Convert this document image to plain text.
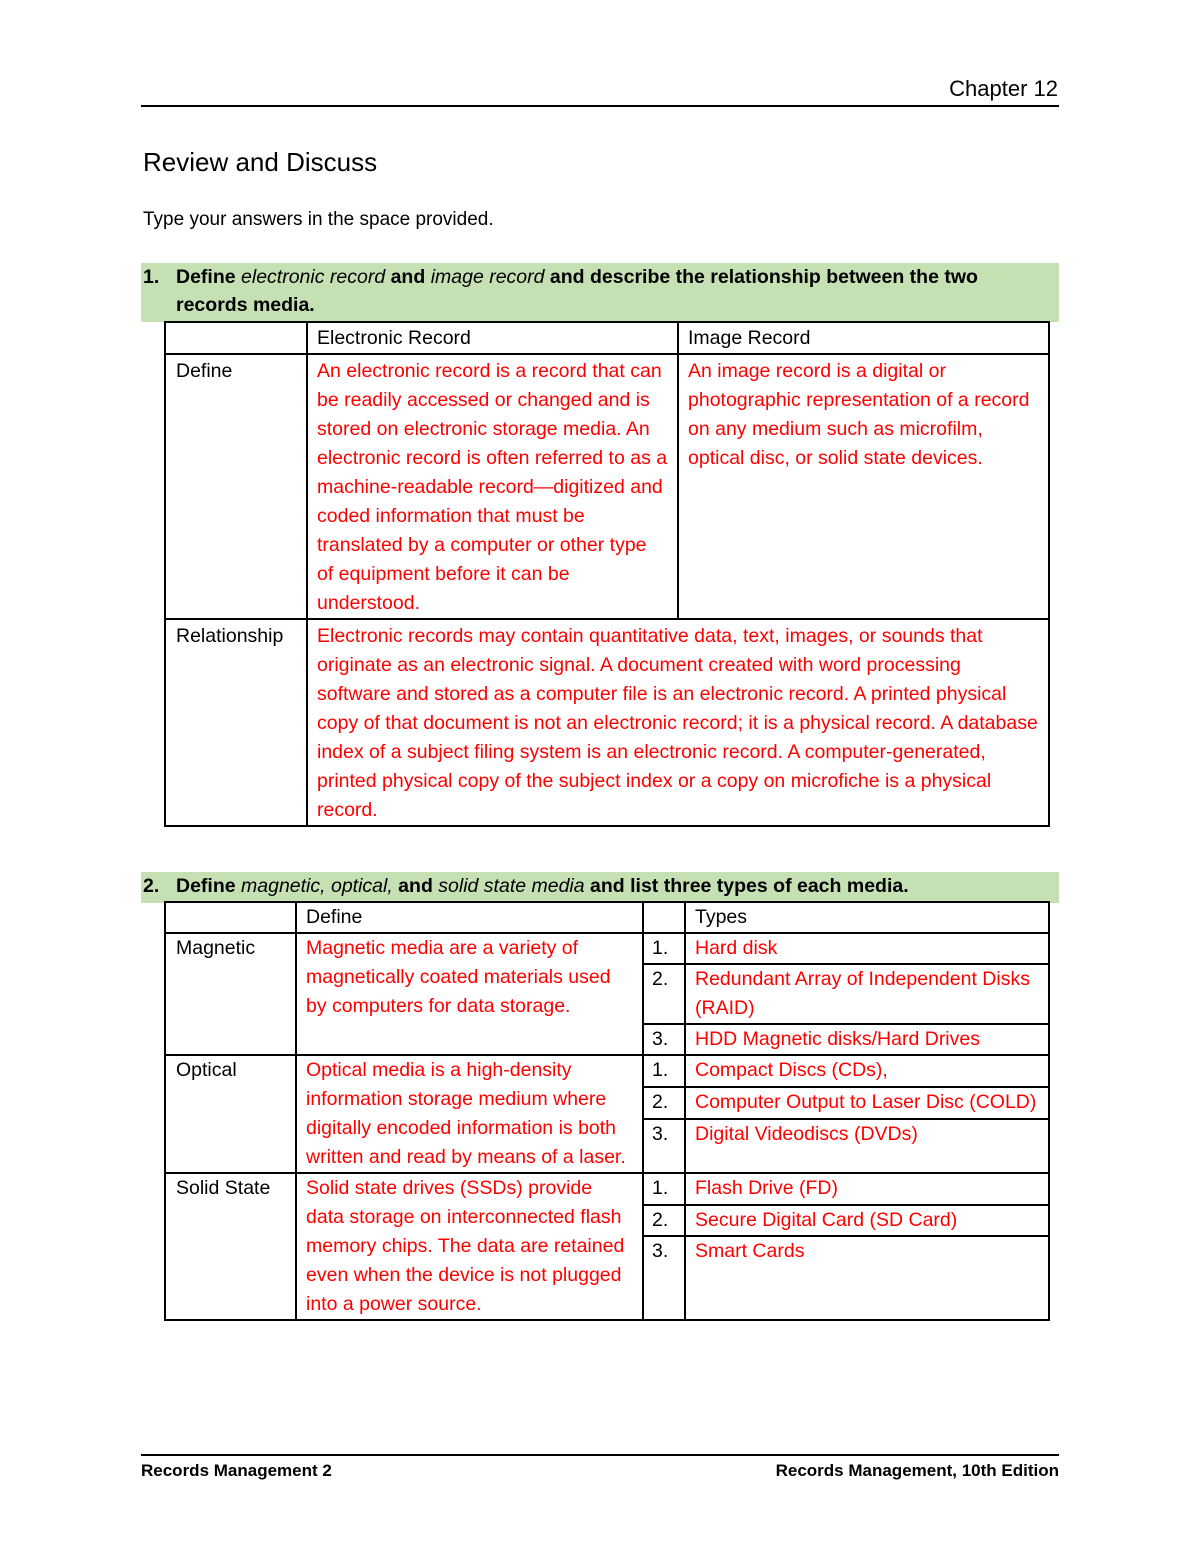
Chapter 12
Review and Discuss
Type your answers in the space provided.
1. Define electronic record and image record and describe the relationship between the two
records media.
	Electronic Record	Image Record
Define	An electronic record is a record that can be readily accessed or changed and is stored on electronic storage media. An electronic record is often referred to as a machine-readable record—digitized and coded information that must be translated by a computer or other type of equipment before it can be understood.	An image record is a digital or photographic representation of a record on any medium such as microfilm, optical disc, or solid state devices.
Relationship	Electronic records may contain quantitative data, text, images, or sounds that originate as an electronic signal. A document created with word processing software and stored as a computer file is an electronic record. A printed physical copy of that document is not an electronic record; it is a physical record. A database index of a subject filing system is an electronic record. A computer-generated, printed physical copy of the subject index or a copy on microfiche is a physical record.	
2. Define magnetic, optical, and solid state media and list three types of each media.
	Define		Types
Magnetic	Magnetic media are a variety of magnetically coated materials used by computers for data storage.	1.	Hard disk
		2.	Redundant Array of Independent Disks (RAID)
		3.	HDD Magnetic disks/Hard Drives
Optical	Optical media is a high-density information storage medium where digitally encoded information is both written and read by means of a laser.	1.	Compact Discs (CDs),
		2.	Computer Output to Laser Disc (COLD)
		3.	Digital Videodiscs (DVDs)
Solid State	Solid state drives (SSDs) provide data storage on interconnected flash memory chips. The data are retained even when the device is not plugged into a power source.	1.	Flash Drive (FD)
		2.	Secure Digital Card (SD Card)
		3.	Smart Cards
Records Management 2	Records Management, 10th Edition
